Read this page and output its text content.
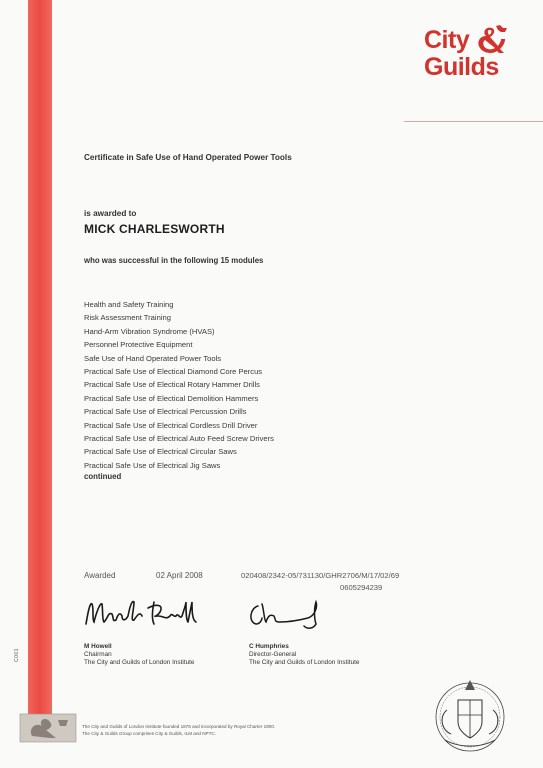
C001
City
Guilds
Certificate in Safe Use of Hand Operated Power Tools
is awarded to
MICK CHARLESWORTH
who was successful in the following 15 modules
Health and Safety Training
Risk Assessment Training
Hand-Arm Vibration Syndrome (HVAS)
Personnel Protective Equipment
Safe Use of Hand Operated Power Tools
Practical Safe Use of Electical Diamond Core Percus
Practical Safe Use of Electical Rotary Hammer Drills
Practical Safe Use of Electical Demolition Hammers
Practical Safe Use of Electrical Percussion Drills
Practical Safe Use of Electrical Cordless Drill Driver
Practical Safe Use of Electrical Auto Feed Screw Drivers
Practical Safe Use of Electrical Circular Saws
Practical Safe Use of Electrical Jig Saws
continued
Awarded	02 April 2008	020408/2342-05/731130/GHR2706/M/17/02/69
0605294239
M Howell
Chairman
The City and Guilds of London Institute
C Humphries
Director-General
The City and Guilds of London Institute
The City and Guilds of London Institute founded 1878 and incorporated by Royal Charter 1900.
The City & Guilds Group comprises City & Guilds, ILM and NPTC.
